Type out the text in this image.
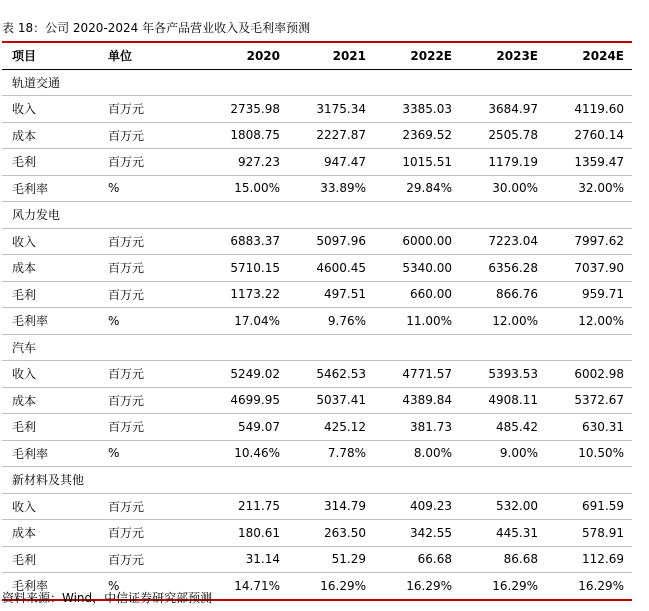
表 18：公司 2020-2024 年各产品营业收入及毛利率预测
项目	单位	2020	2021	2022E	2023E	2024E
轨道交通						
收入	百万元	2735.98	3175.34	3385.03	3684.97	4119.60
成本	百万元	1808.75	2227.87	2369.52	2505.78	2760.14
毛利	百万元	927.23	947.47	1015.51	1179.19	1359.47
毛利率	%	15.00%	33.89%	29.84%	30.00%	32.00%
风力发电						
收入	百万元	6883.37	5097.96	6000.00	7223.04	7997.62
成本	百万元	5710.15	4600.45	5340.00	6356.28	7037.90
毛利	百万元	1173.22	497.51	660.00	866.76	959.71
毛利率	%	17.04%	9.76%	11.00%	12.00%	12.00%
汽车						
收入	百万元	5249.02	5462.53	4771.57	5393.53	6002.98
成本	百万元	4699.95	5037.41	4389.84	4908.11	5372.67
毛利	百万元	549.07	425.12	381.73	485.42	630.31
毛利率	%	10.46%	7.78%	8.00%	9.00%	10.50%
新材料及其他						
收入	百万元	211.75	314.79	409.23	532.00	691.59
成本	百万元	180.61	263.50	342.55	445.31	578.91
毛利	百万元	31.14	51.29	66.68	86.68	112.69
毛利率	%	14.71%	16.29%	16.29%	16.29%	16.29%
资料来源：Wind，中信证券研究部预测
